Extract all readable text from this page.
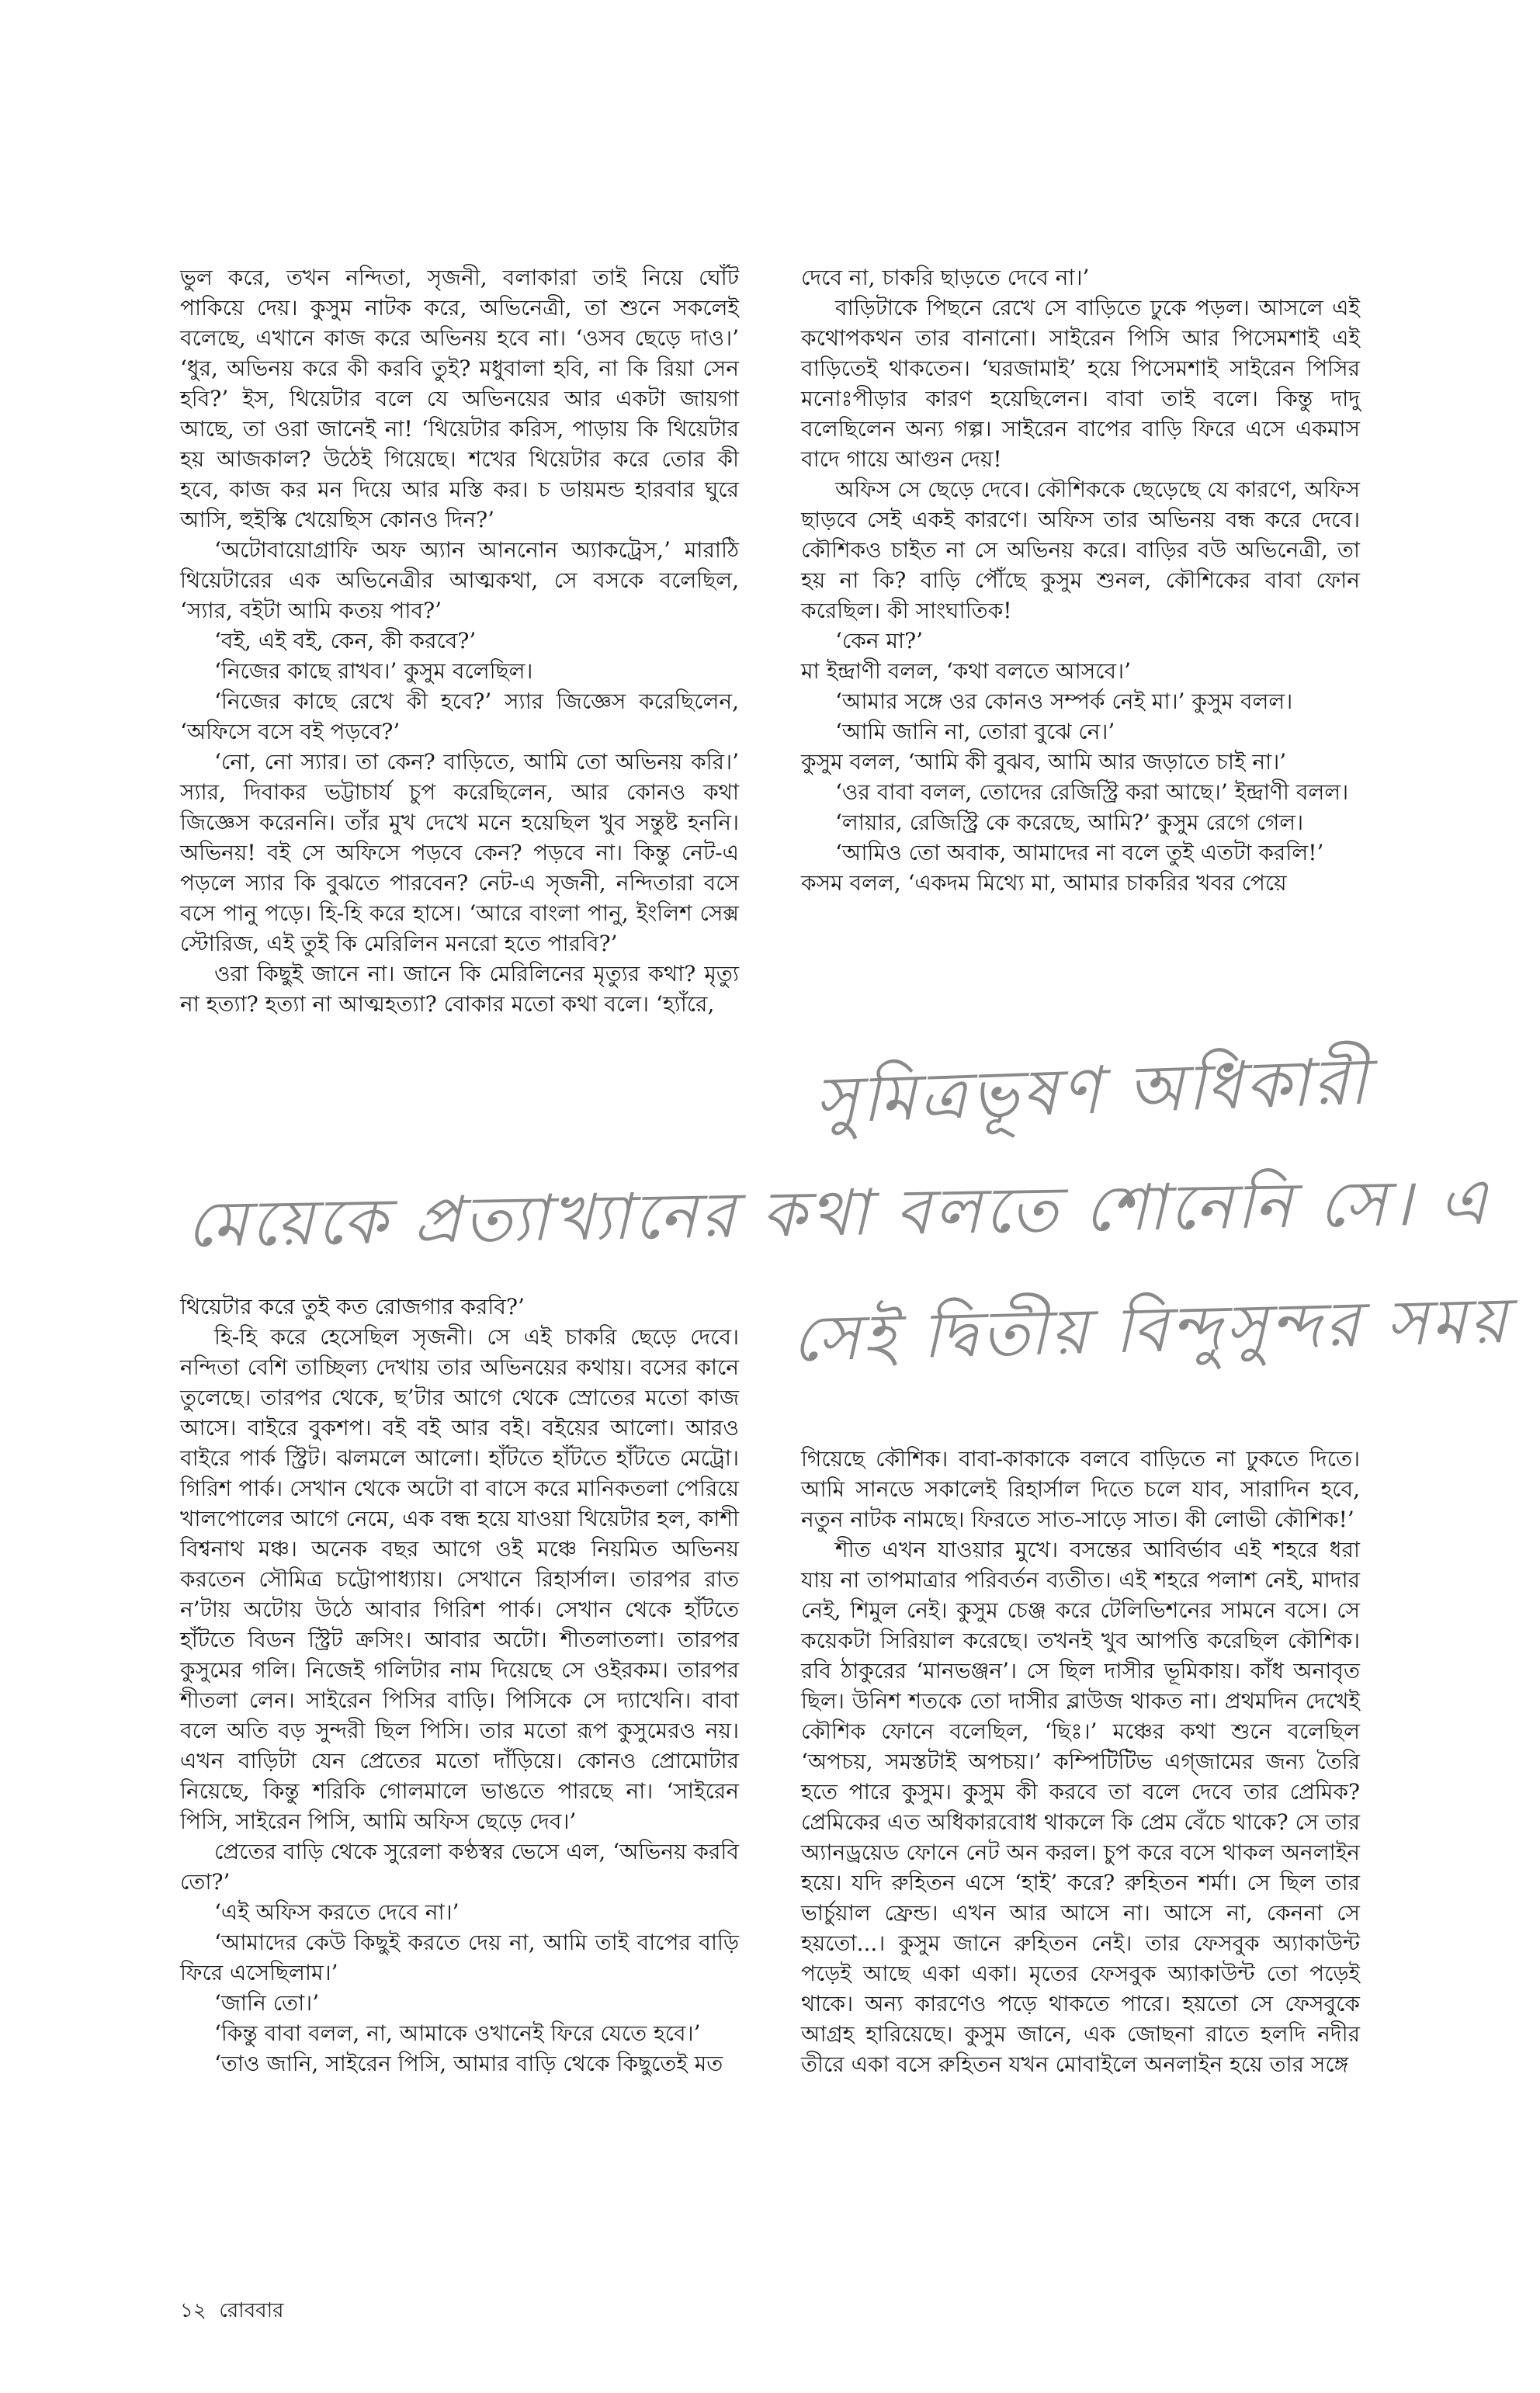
ভুল করে, তখন নন্দিতা, সৃজনী, বলাকারা তাই নিয়ে ঘোঁট পাকিয়ে দেয়। কুসুম নাটক করে, অভিনেত্রী, তা শুনে সকলেই বলেছে, এখানে কাজ করে অভিনয় হবে না। ‘ওসব ছেড়ে দাও।’ ‘ধুর, অভিনয় করে কী করবি তুই? মধুবালা হবি, না কি রিয়া সেন হবি?’ ইস, থিয়েটার বলে যে অভিনয়ের আর একটা জায়গা আছে, তা ওরা জানেই না! ‘থিয়েটার করিস, পাড়ায় কি থিয়েটার হয় আজকাল? উঠেই গিয়েছে। শখের থিয়েটার করে তোর কী হবে, কাজ কর মন দিয়ে আর মস্তি কর। চ ডায়মন্ড হারবার ঘুরে আসি, হুইস্কি খেয়েছিস কোনও দিন?’

‘অটোবায়োগ্রাফি অফ অ্যান আননোন অ্যাকট্রেস,’ মারাঠি থিয়েটারের এক অভিনেত্রীর আত্মকথা, সে বসকে বলেছিল, ‘স্যার, বইটা আমি কতয় পাব?’

‘বই, এই বই, কেন, কী করবে?’

‘নিজের কাছে রাখব।’ কুসুম বলেছিল।

‘নিজের কাছে রেখে কী হবে?’ স্যার জিজ্ঞেস করেছিলেন, ‘অফিসে বসে বই পড়বে?’

‘নো, নো স্যার। তা কেন? বাড়িতে, আমি তো অভিনয় করি।’ স্যার, দিবাকর ভট্টাচার্য চুপ করেছিলেন, আর কোনও কথা জিজ্ঞেস করেননি। তাঁর মুখ দেখে মনে হয়েছিল খুব সন্তুষ্ট হননি। অভিনয়! বই সে অফিসে পড়বে কেন? পড়বে না। কিন্তু নেট-এ পড়লে স্যার কি বুঝতে পারবেন? নেট-এ সৃজনী, নন্দিতারা বসে বসে পানু পড়ে। হি-হি করে হাসে। ‘আরে বাংলা পানু, ইংলিশ সেক্স স্টোরিজ, এই তুই কি মেরিলিন মনরো হতে পারবি?’

ওরা কিছুই জানে না। জানে কি মেরিলিনের মৃত্যুর কথা? মৃত্যু না হত্যা? হত্যা না আত্মহত্যা? বোকার মতো কথা বলে। ‘হ্যাঁরে,

দেবে না, চাকরি ছাড়তে দেবে না।’

বাড়িটাকে পিছনে রেখে সে বাড়িতে ঢুকে পড়ল। আসলে এই কথোপকথন তার বানানো। সাইরেন পিসি আর পিসেমশাই এই বাড়িতেই থাকতেন। ‘ঘরজামাই’ হয়ে পিসেমশাই সাইরেন পিসির মনোঃপীড়ার কারণ হয়েছিলেন। বাবা তাই বলে। কিন্তু দাদু বলেছিলেন অন্য গল্প। সাইরেন বাপের বাড়ি ফিরে এসে একমাস বাদে গায়ে আগুন দেয়!

অফিস সে ছেড়ে দেবে। কৌশিককে ছেড়েছে যে কারণে, অফিস ছাড়বে সেই একই কারণে। অফিস তার অভিনয় বন্ধ করে দেবে। কৌশিকও চাইত না সে অভিনয় করে। বাড়ির বউ অভিনেত্রী, তা হয় না কি? বাড়ি পৌঁছে কুসুম শুনল, কৌশিকের বাবা ফোন করেছিল। কী সাংঘাতিক!

‘কেন মা?’

মা ইন্দ্রাণী বলল, ‘কথা বলতে আসবে।’

‘আমার সঙ্গে ওর কোনও সম্পর্ক নেই মা।’ কুসুম বলল।

‘আমি জানি না, তোরা বুঝে নে।’

কুসুম বলল, ‘আমি কী বুঝব, আমি আর জড়াতে চাই না।’

‘ওর বাবা বলল, তোদের রেজিস্ট্রি করা আছে।’ ইন্দ্রাণী বলল।

‘লায়ার, রেজিস্ট্রি কে করেছে, আমি?’ কুসুম রেগে গেল।

‘আমিও তো অবাক, আমাদের না বলে তুই এতটা করলি!’

কসম বলল, ‘একদম মিথ্যে মা, আমার চাকরির খবর পেয়ে

থিয়েটার করে তুই কত রোজগার করবি?’

হি-হি করে হেসেছিল সৃজনী। সে এই চাকরি ছেড়ে দেবে। নন্দিতা বেশি তাচ্ছিল্য দেখায় তার অভিনয়ের কথায়। বসের কানে তুলেছে। তারপর থেকে, ছ’টার আগে থেকে স্রোতের মতো কাজ আসে। বাইরে বুকশপ। বই বই আর বই। বইয়ের আলো। আরও বাইরে পার্ক স্ট্রিট। ঝলমলে আলো। হাঁটতে হাঁটতে হাঁটতে মেট্রো। গিরিশ পার্ক। সেখান থেকে অটো বা বাসে করে মানিকতলা পেরিয়ে খালপোলের আগে নেমে, এক বন্ধ হয়ে যাওয়া থিয়েটার হল, কাশী বিশ্বনাথ মঞ্চ। অনেক বছর আগে ওই মঞ্চে নিয়মিত অভিনয় করতেন সৌমিত্র চট্টোপাধ্যায়। সেখানে রিহার্সাল। তারপর রাত ন’টায় অটোয় উঠে আবার গিরিশ পার্ক। সেখান থেকে হাঁটতে হাঁটতে বিডন স্ট্রিট ক্রসিং। আবার অটো। শীতলাতলা। তারপর কুসুমের গলি। নিজেই গলিটার নাম দিয়েছে সে ওইরকম। তারপর শীতলা লেন। সাইরেন পিসির বাড়ি। পিসিকে সে দ্যাখেনি। বাবা বলে অতি বড় সুন্দরী ছিল পিসি। তার মতো রূপ কুসুমেরও নয়। এখন বাড়িটা যেন প্রেতের মতো দাঁড়িয়ে। কোনও প্রোমোটার নিয়েছে, কিন্তু শরিকি গোলমালে ভাঙতে পারছে না। ‘সাইরেন পিসি, সাইরেন পিসি, আমি অফিস ছেড়ে দেব।’

প্রেতের বাড়ি থেকে সুরেলা কণ্ঠস্বর ভেসে এল, ‘অভিনয় করবি তো?’

‘এই অফিস করতে দেবে না।’

‘আমাদের কেউ কিছুই করতে দেয় না, আমি তাই বাপের বাড়ি ফিরে এসেছিলাম।’

‘জানি তো।’

‘কিন্তু বাবা বলল, না, আমাকে ওখানেই ফিরে যেতে হবে।’

‘তাও জানি, সাইরেন পিসি, আমার বাড়ি থেকে কিছুতেই মত

গিয়েছে কৌশিক। বাবা-কাকাকে বলবে বাড়িতে না ঢুকতে দিতে। আমি সানডে সকালেই রিহার্সাল দিতে চলে যাব, সারাদিন হবে, নতুন নাটক নামছে। ফিরতে সাত-সাড়ে সাত। কী লোভী কৌশিক!’

শীত এখন যাওয়ার মুখে। বসন্তের আবির্ভাব এই শহরে ধরা যায় না তাপমাত্রার পরিবর্তন ব্যতীত। এই শহরে পলাশ নেই, মাদার নেই, শিমুল নেই। কুসুম চেঞ্জ করে টেলিভিশনের সামনে বসে। সে কয়েকটা সিরিয়াল করেছে। তখনই খুব আপত্তি করেছিল কৌশিক। রবি ঠাকুরের ‘মানভঞ্জন’। সে ছিল দাসীর ভূমিকায়। কাঁধ অনাবৃত ছিল। উনিশ শতকে তো দাসীর ব্লাউজ থাকত না। প্রথমদিন দেখেই কৌশিক ফোনে বলেছিল, ‘ছিঃ।’ মঞ্চের কথা শুনে বলেছিল ‘অপচয়, সমস্তটাই অপচয়।’ কম্পিটিটিভ এগ্‌জামের জন্য তৈরি হতে পারে কুসুম। কুসুম কী করবে তা বলে দেবে তার প্রেমিক? প্রেমিকের এত অধিকারবোধ থাকলে কি প্রেম বেঁচে থাকে? সে তার অ্যানড্রয়েড ফোনে নেট অন করল। চুপ করে বসে থাকল অনলাইন হয়ে। যদি রুহিতন এসে ‘হাই’ করে? রুহিতন শর্মা। সে ছিল তার ভার্চুয়াল ফ্রেন্ড। এখন আর আসে না। আসে না, কেননা সে হয়তো...। কুসুম জানে রুহিতন নেই। তার ফেসবুক অ্যাকাউন্ট পড়েই আছে একা একা। মৃতের ফেসবুক অ্যাকাউন্ট তো পড়েই থাকে। অন্য কারণেও পড়ে থাকতে পারে। হয়তো সে ফেসবুকে আগ্রহ হারিয়েছে। কুসুম জানে, এক জোছনা রাতে হলদি নদীর তীরে একা বসে রুহিতন যখন মোবাইলে অনলাইন হয়ে তার সঙ্গে

সুমিত্রভূষণ অধিকারী
মেয়েকে প্রত্যাখ্যানের কথা বলতে শোনেনি সে। এ
সেই দ্বিতীয় বিন্দুসুন্দর সময়
১২ রোববার
